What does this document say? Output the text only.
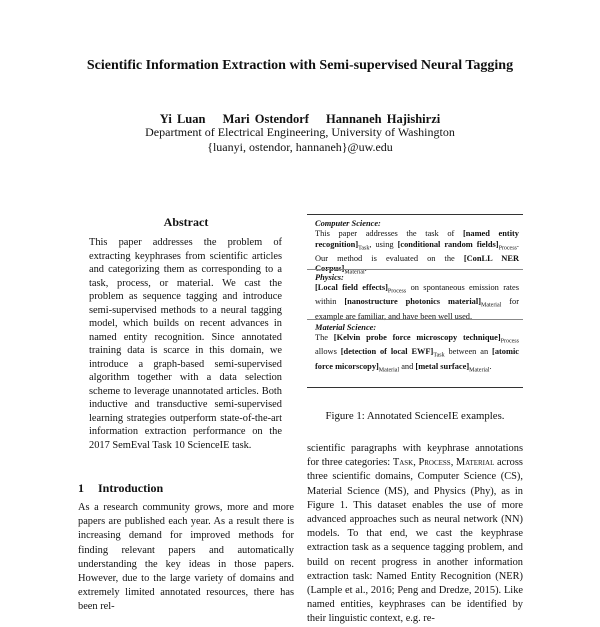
Scientific Information Extraction with Semi-supervised Neural Tagging
Yi Luan Mari Ostendorf Hannaneh Hajishirzi
Department of Electrical Engineering, University of Washington
{luanyi, ostendor, hannaneh}@uw.edu
Abstract
This paper addresses the problem of extracting keyphrases from scientific articles and categorizing them as corresponding to a task, process, or material. We cast the problem as sequence tagging and introduce semi-supervised methods to a neural tagging model, which builds on recent advances in named entity recognition. Since annotated training data is scarce in this domain, we introduce a graph-based semi-supervised algorithm together with a data selection scheme to leverage unannotated articles. Both inductive and transductive semi-supervised learning strategies outperform state-of-the-art information extraction performance on the 2017 SemEval Task 10 ScienceIE task.
1 Introduction
As a research community grows, more and more papers are published each year. As a result there is increasing demand for improved methods for finding relevant papers and automatically understanding the key ideas in those papers. However, due to the large variety of domains and extremely limited annotated resources, there has been rel-
Computer Science:
This paper addresses the task of [named entity $recognition]_{Task}$, using [conditional random $fields]_{Process}$. Our method is evaluated on the [ConLL NER $Corpus]_{Material}$.
Physics:
[Local field $effects]_{Process}$ on spontaneous emission rates within [nanostructure photonics $material]_{Material}$ for example are familiar, and have been well used.
Material Science:
The [Kelvin probe force microscopy $technique]_{Process}$ allows [detection of local $EWF]_{Task}$ between an [atomic force $micorscopy]_{Material}$ and [metal $surface]_{Material}$.
Figure 1: Annotated ScienceIE examples.
scientific paragraphs with keyphrase annotations for three categories: Task, Process, Material across three scientific domains, Computer Science (CS), Material Science (MS), and Physics (Phy), as in Figure 1. This dataset enables the use of more advanced approaches such as neural network (NN) models. To that end, we cast the keyphrase extraction task as a sequence tagging problem, and build on recent progress in another information extraction task: Named Entity Recognition (NER) (Lample et al., 2016; Peng and Dredze, 2015). Like named entities, keyphrases can be identified by their linguistic context, e.g. re-
